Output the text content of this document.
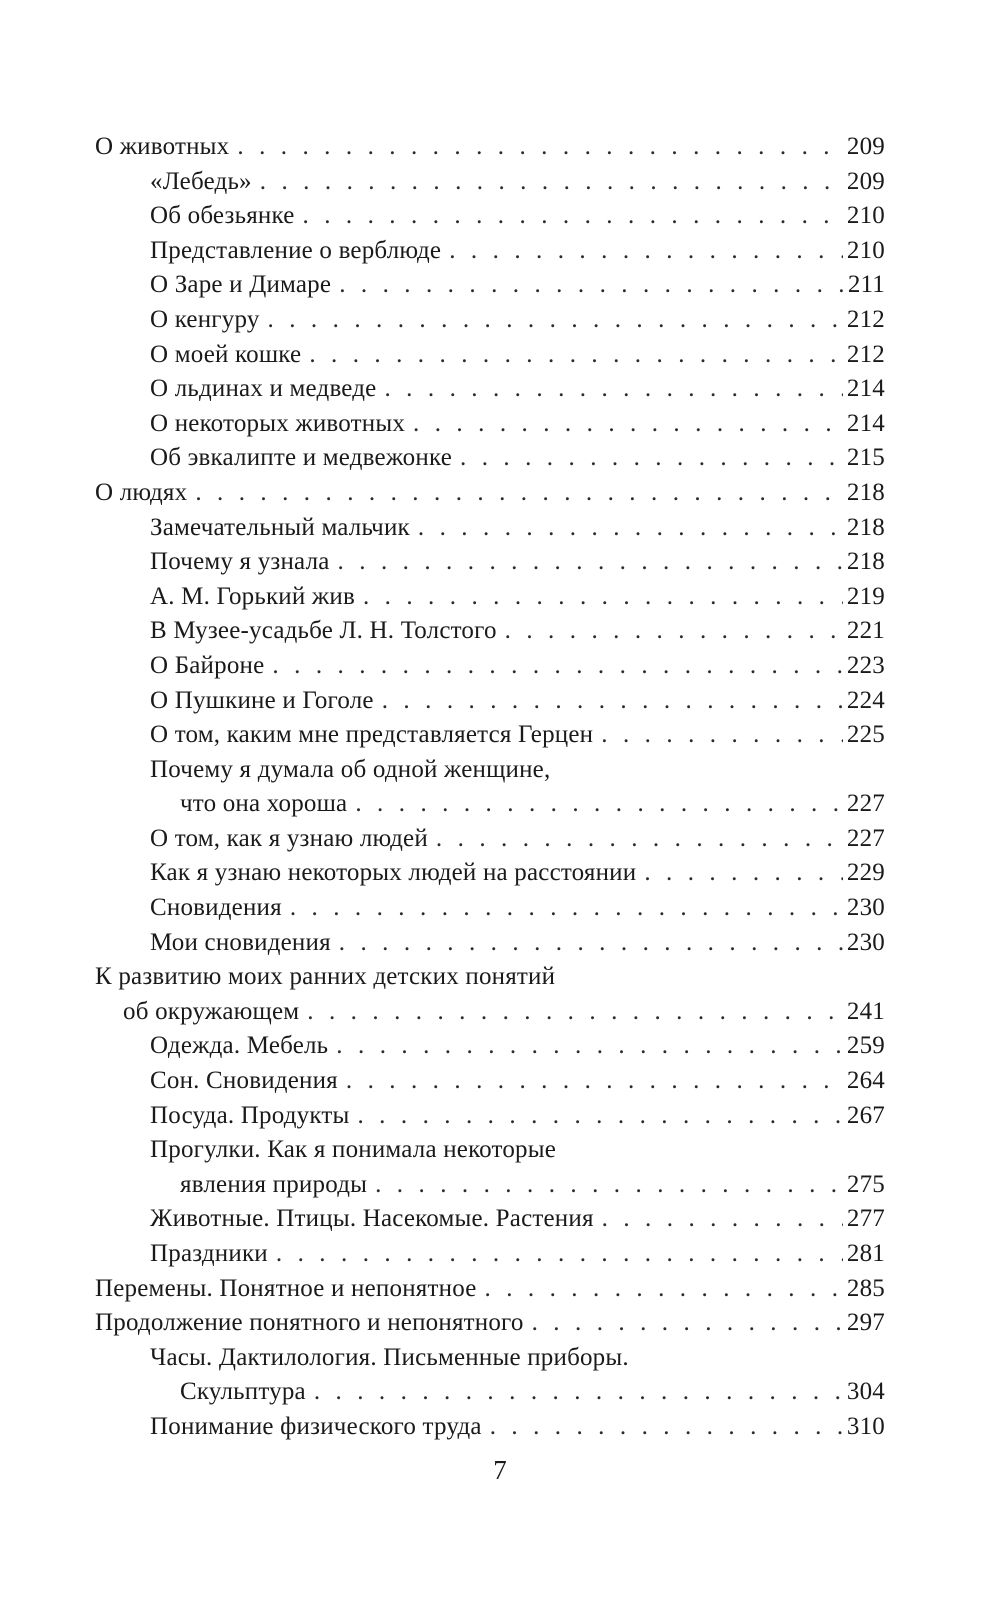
О животных . . .	209
«Лебедь» . . .	209
Об обезьянке . . .	210
Представление о верблюде . . .	210
О Заре и Димаре . . .	211
О кенгуру . . .	212
О моей кошке . . .	212
О льдинах и медведе . . .	214
О некоторых животных . . .	214
Об эвкалипте и медвежонке . . .	215
О людях . . .	218
Замечательный мальчик . . .	218
Почему я узнала . . .	218
А. М. Горький жив . . .	219
В Музее-усадьбе Л. Н. Толстого . . .	221
О Байроне . . .	223
О Пушкине и Гоголе . . .	224
О том, каким мне представляется Герцен . . .	225
Почему я думала об одной женщине,
что она хороша . . .	227
О том, как я узнаю людей . . .	227
Как я узнаю некоторых людей на расстоянии . . .	229
Сновидения . . .	230
Мои сновидения . . .	230
К развитию моих ранних детских понятий
об окружающем . . .	241
Одежда. Мебель . . .	259
Сон. Сновидения . . .	264
Посуда. Продукты . . .	267
Прогулки. Как я понимала некоторые
явления природы . . .	275
Животные. Птицы. Насекомые. Растения . . .	277
Праздники . . .	281
Перемены. Понятное и непонятное . . .	285
Продолжение понятного и непонятного . . .	297
Часы. Дактилология. Письменные приборы.
Скульптура . . .	304
Понимание физического труда . . .	310
7
